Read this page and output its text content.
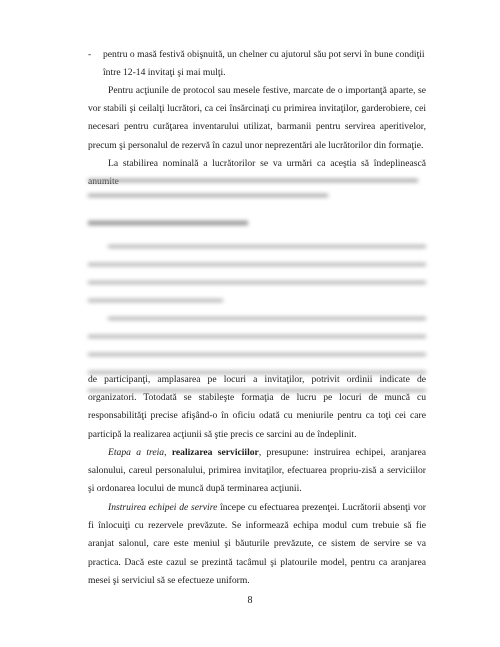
- pentru o masă festivă obişnuită, un chelner cu ajutorul său pot servi în bune condiţii între 12-14 invitaţi şi mai mulţi.

Pentru acţiunile de protocol sau mesele festive, marcate de o importanţă aparte, se vor stabili şi ceilalţi lucrători, ca cei însărcinaţi cu primirea invitaţilor, garderobiere, cei necesari pentru curăţarea inventarului utilizat, barmanii pentru servirea aperitivelor, precum şi personalul de rezervă în cazul unor neprezentări ale lucrătorilor din formaţie.

La stabilirea nominală a lucrătorilor se va urmări ca aceştia să îndeplinească

de participanţi, amplasarea pe locuri a invitaţilor, potrivit ordinii indicate de organizatori. Totodată se stabileşte formaţia de lucru pe locuri de muncă cu responsabilităţi precise afişând-o în oficiu odată cu meniurile pentru ca toţi cei care participă la realizarea acţiunii să ştie precis ce sarcini au de îndeplinit.

Etapa a treia, realizarea serviciilor, presupune: instruirea echipei, aranjarea salonului, careul personalului, primirea invitaţilor, efectuarea propriu-zisă a serviciilor şi ordonarea locului de muncă după terminarea acţiunii.

Instruirea echipei de servire începe cu efectuarea prezenţei. Lucrătorii absenţi vor fi înlocuiţi cu rezervele prevăzute. Se informează echipa modul cum trebuie să fie aranjat salonul, care este meniul şi băuturile prevăzute, ce sistem de servire se va practica. Dacă este cazul se prezintă tacâmul şi platourile model, pentru ca aranjarea mesei şi serviciul să se efectueze uniform.

8
